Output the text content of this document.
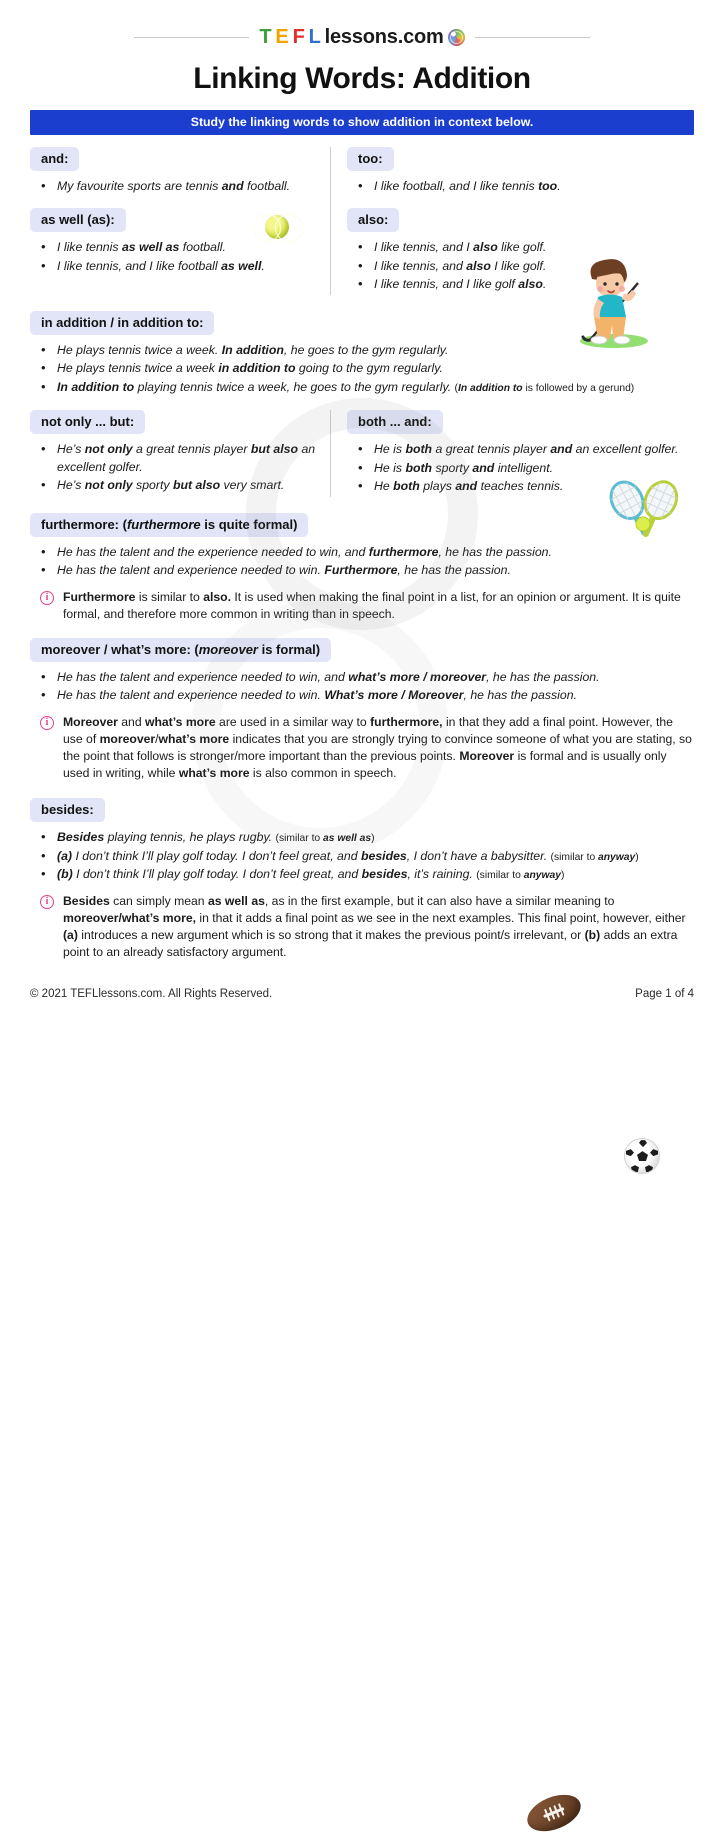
T E F L lessons.com
Linking Words: Addition
Study the linking words to show addition in context below.
and:
• My favourite sports are tennis and football.
as well (as):
• I like tennis as well as football.
• I like tennis, and I like football as well.
too:
• I like football, and I like tennis too.
also:
• I like tennis, and I also like golf.
• I like tennis, and also I like golf.
• I like tennis, and I like golf also.
in addition / in addition to:
• He plays tennis twice a week. In addition, he goes to the gym regularly.
• He plays tennis twice a week in addition to going to the gym regularly.
• In addition to playing tennis twice a week, he goes to the gym regularly. (In addition to is followed by a gerund)
not only ... but:
• He’s not only a great tennis player but also an excellent golfer.
• He’s not only sporty but also very smart.
both ... and:
• He is both a great tennis player and an excellent golfer.
• He is both sporty and intelligent.
• He both plays and teaches tennis.
furthermore: (furthermore is quite formal)
• He has the talent and the experience needed to win, and furthermore, he has the passion.
• He has the talent and experience needed to win. Furthermore, he has the passion.
i	Furthermore is similar to also. It is used when making the final point in a list, for an opinion or argument. It is quite formal, and therefore more common in writing than in speech.
moreover / what’s more: (moreover is formal)
• He has the talent and experience needed to win, and what’s more / moreover, he has the passion.
• He has the talent and experience needed to win. What’s more / Moreover, he has the passion.
i	Moreover and what’s more are used in a similar way to furthermore, in that they add a final point. However, the use of moreover/what’s more indicates that you are strongly trying to convince someone of what you are stating, so the point that follows is stronger/more important than the previous points. Moreover is formal and is usually only used in writing, while what’s more is also common in speech.
besides:
• Besides playing tennis, he plays rugby. (similar to as well as)
• (a) I don’t think I’ll play golf today. I don’t feel great, and besides, I don’t have a babysitter. (similar to anyway)
• (b) I don’t think I’ll play golf today. I don’t feel great, and besides, it’s raining. (similar to anyway)
i	Besides can simply mean as well as, as in the first example, but it can also have a similar meaning to moreover/what’s more, in that it adds a final point as we see in the next examples. This final point, however, either (a) introduces a new argument which is so strong that it makes the previous point/s irrelevant, or (b) adds an extra point to an already satisfactory argument.
© 2021 TEFLlessons.com. All Rights Reserved.	Page 1 of 4
